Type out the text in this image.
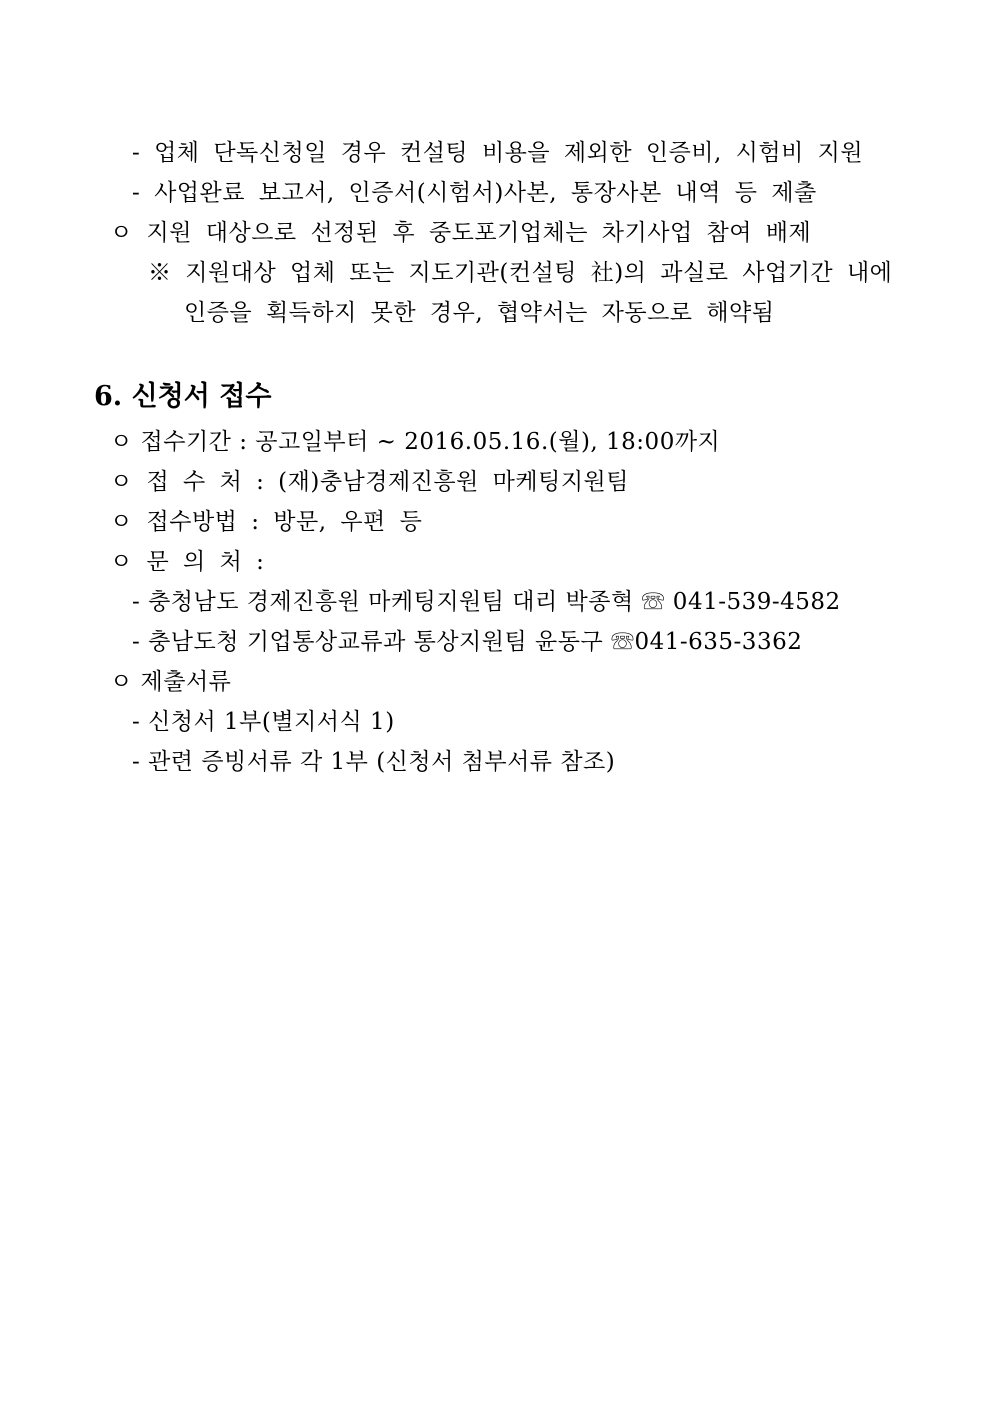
- 업체 단독신청일 경우 컨설팅 비용을 제외한 인증비, 시험비 지원
- 사업완료 보고서, 인증서(시험서)사본, 통장사본 내역 등 제출
ㅇ 지원 대상으로 선정된 후 중도포기업체는 차기사업 참여 배제
※ 지원대상 업체 또는 지도기관(컨설팅 社)의 과실로 사업기간 내에
인증을 획득하지 못한 경우, 협약서는 자동으로 해약됨
6. 신청서 접수
ㅇ 접수기간 : 공고일부터 ~ 2016.05.16.(월), 18:00까지
ㅇ 접 수 처 : (재)충남경제진흥원 마케팅지원팀
ㅇ 접수방법 : 방문, 우편 등
ㅇ 문 의 처 :
- 충청남도 경제진흥원 마케팅지원팀 대리 박종혁 ☏ 041-539-4582
- 충남도청 기업통상교류과 통상지원팀 윤동구 ☏041-635-3362
ㅇ 제출서류
- 신청서 1부(별지서식 1)
- 관련 증빙서류 각 1부 (신청서 첨부서류 참조)
